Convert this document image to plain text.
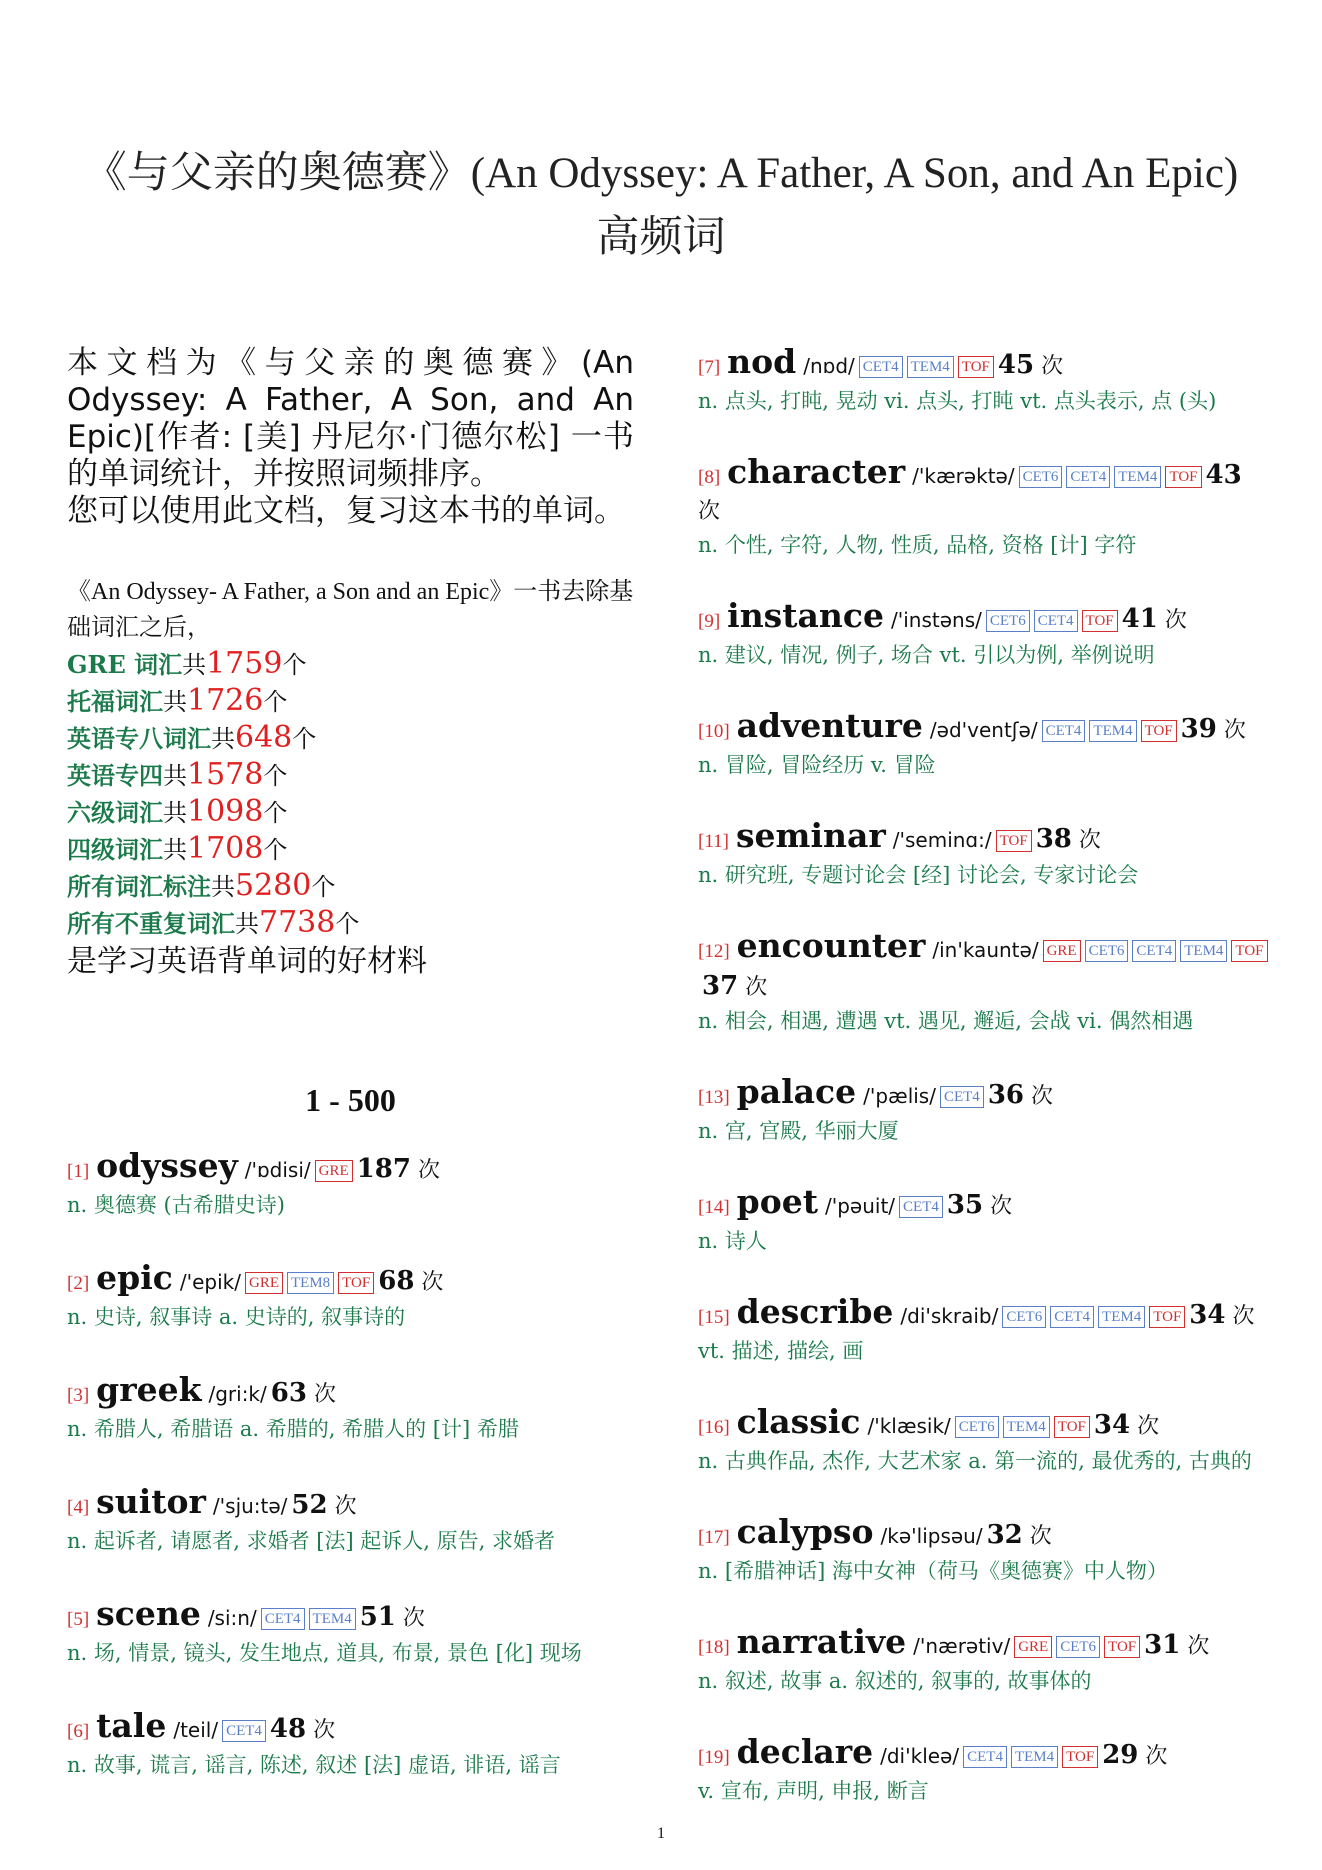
《与父亲的奥德赛》(An Odyssey: A Father, A Son, and An Epic) 高频词

本文档为《与父亲的奥德赛》(An Odyssey: A Father, A Son, and An Epic)[作者: [美] 丹尼尔·门德尔松] 一书的单词统计，并按照词频排序。

您可以使用此文档，复习这本书的单词。

《An Odyssey- A Father, a Son and an Epic》一书去除基础词汇之后，
GRE 词汇共1759个
托福词汇共1726个
英语专八词汇共648个
英语专四共1578个
六级词汇共1098个
四级词汇共1708个
所有词汇标注共5280个
所有不重复词汇共7738个
是学习英语背单词的好材料
1 - 500
[1] odyssey /'ɒdisi/ GRE 187 次
n. 奥德赛 (古希腊史诗)
[2] epic /'epik/ GRE TEM8 TOF 68 次
n. 史诗, 叙事诗 a. 史诗的, 叙事诗的
[3] greek /gri:k/ 63 次
n. 希腊人, 希腊语 a. 希腊的, 希腊人的 [计] 希腊
[4] suitor /'sju:tə/ 52 次
n. 起诉者, 请愿者, 求婚者 [法] 起诉人, 原告, 求婚者
[5] scene /si:n/ CET4 TEM4 51 次
n. 场, 情景, 镜头, 发生地点, 道具, 布景, 景色 [化] 现场
[6] tale /teil/ CET4 48 次
n. 故事, 谎言, 谣言, 陈述, 叙述 [法] 虚语, 诽语, 谣言
[7] nod /nɒd/ CET4 TEM4 TOF 45 次
n. 点头, 打盹, 晃动 vi. 点头, 打盹 vt. 点头表示, 点 (头)
[8] character /'kærəktə/ CET6 CET4 TEM4 TOF 43 次
n. 个性, 字符, 人物, 性质, 品格, 资格 [计] 字符
[9] instance /'instəns/ CET6 CET4 TOF 41 次
n. 建议, 情况, 例子, 场合 vt. 引以为例, 举例说明
[10] adventure /əd'ventʃə/ CET4 TEM4 TOF 39 次
n. 冒险, 冒险经历 v. 冒险
[11] seminar /'seminɑ:/ TOF 38 次
n. 研究班, 专题讨论会 [经] 讨论会, 专家讨论会
[12] encounter /in'kauntə/ GRE CET6 CET4 TEM4 TOF37 次
n. 相会, 相遇, 遭遇 vt. 遇见, 邂逅, 会战 vi. 偶然相遇
[13] palace /'pælis/ CET4 36 次
n. 宫, 宫殿, 华丽大厦
[14] poet /'pəuit/ CET4 35 次
n. 诗人
[15] describe /di'skraib/ CET6 CET4 TEM4 TOF 34 次
vt. 描述, 描绘, 画
[16] classic /'klæsik/ CET6 TEM4 TOF 34 次
n. 古典作品, 杰作, 大艺术家 a. 第一流的, 最优秀的, 古典的
[17] calypso /kə'lipsəu/ 32 次
n. [希腊神话] 海中女神（荷马《奥德赛》中人物）
[18] narrative /'nærətiv/ GRE CET6 TOF 31 次
n. 叙述, 故事 a. 叙述的, 叙事的, 故事体的
[19] declare /di'kleə/ CET4 TEM4 TOF 29 次
v. 宣布, 声明, 申报, 断言
1
